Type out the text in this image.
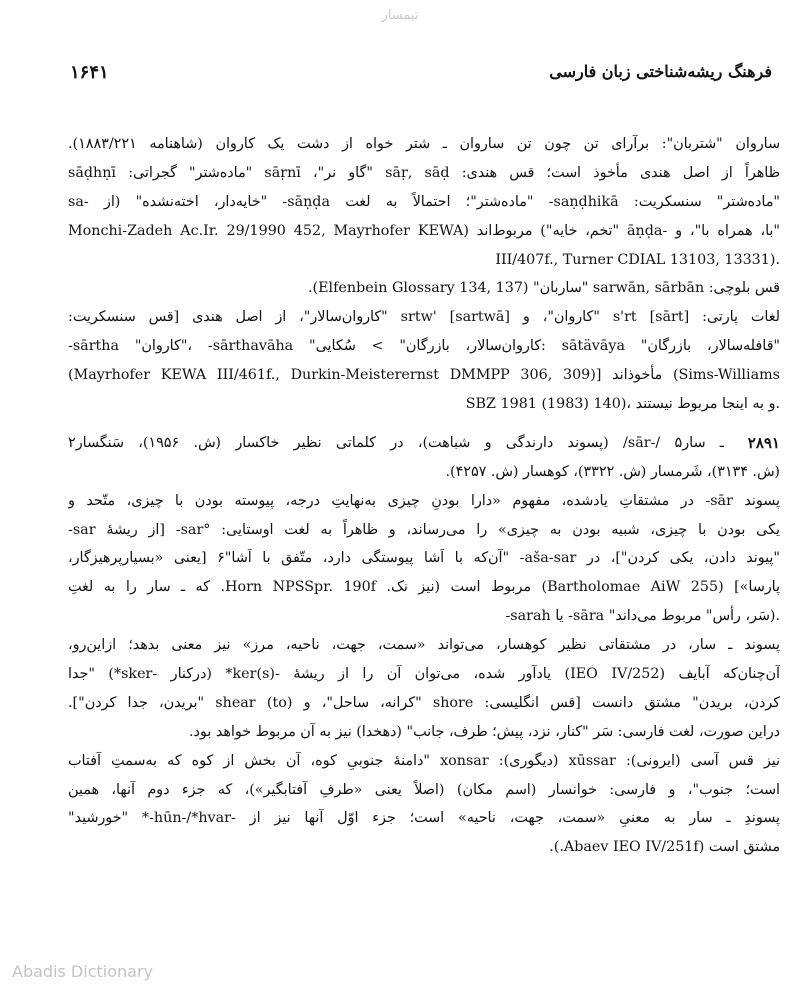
تیمسار
فرهنگ ریشه‌شناختی زبان فارسی
۱۶۴۱
ساروان "شتربان": برآرای تن چون تن ساروان ـ شتر خواه از دشت یک کاروان (شاهنامه ۱۸۸۳/۲۲۱).
ظاهراً از اصل هندی مأخوذ است؛ قس هندی: sāṛ, sāḍ "گاو نر"، sāṛnī "ماده‌شتر" گجراتی: sāḍhṇī
"ماده‌شتر" سنسکریت: saṇḍhikā- "ماده‌شتر"؛ احتمالاً به لغت sāṇḍa- "خایه‌دار، اخته‌نشده" (از -sa
"با، همراه با"، و -āṇḍa "تخم، خایه") مربوط‌اند (Monchi-Zadeh Ac.Ir. 29/1990 452, Mayrhofer KEWA
III/407f., Turner CDIAL 13103, 13331).
قس بلوچی: sarwān, sārbān "ساربان" (Elfenbein Glossary 134, 137).
لغات پارتی: s'rt [sārt] "کاروان"، و srtw' [sartwā] "کاروان‌سالار"، از اصل هندی [قس سنسکریت:
-sārtha "کاروان"، -sārthavāha "کاروان‌سالار، بازرگان" > سُکایی: sātävāya "قافله‌سالار، بازرگان"
(Mayrhofer KEWA III/461f., Durkin-Meisterernst DMMPP 306, 309)] مأخوذاند (Sims-Williams
SBZ 1981 (1983) 140)، و به اینجا مربوط نیستند.
۲۸۹۱
ـ سار۵ /-sār/ (پسوند دارندگی و شباهت)، در کلماتی نظیر خاکسار (ش. ۱۹۵۶)، سَنگسار۲
(ش. ۳۱۳۴)، شَرمسار (ش. ۳۳۲۲)، کوهسار (ش. ۴۲۵۷).
پسوند sār- در مشتقاتِ یادشده، مفهوم «دارا بودنِ چیزی به‌نهایتِ درجه، پیوسته بودن با چیزی، متّحد و
یکی بودن با چیزی، شبیه بودن به چیزی» را می‌رساند، و ظاهراً به لغت اوستایی: °sar- [از ریشهٔ sar-
"پیوند دادن، یکی کردن"]، در aša-sar- "آن‌که با اَشا پیوستگی دارد، متّفق با اَشا"۶ [یعنی «بسیارپرهیزگار،
پارسا»] (Bartholomae AiW 255) مربوط است (نیز نک. Horn NPSSpr. 190f. که ـ سار را به لغتِ
-sarah یا -sāra "سَر، رأس" مربوط می‌داند).
پسوند ـ سار، در مشتقاتی نظیر کوهسار، می‌تواند «سمت، جهت، ناحیه، مرز» نیز معنی بدهد؛ ازاین‌رو،
آن‌چنان‌که آبایف (IEO IV/252) یادآور شده، می‌توان آن را از ریشهٔ -(s)ker* (درکنار -sker*) "جدا
کردن، بریدن" مشتق دانست [قس انگلیسی: shore "کرانه، ساحل"، و (to) shear "بریدن، جدا کردن"].
دراین صورت، لغت فارسی: سَر "کنار، نزد، پیش؛ طرف، جانب" (دهخدا) نیز به آن مربوط خواهد بود.
نیز قس آسی (ایرونی): xūssar (دیگوری): xonsar "دامنهٔ جنوبیِ کوه، آن بخش از کوه که به‌سمتِ آفتاب
است؛ جنوب"، و فارسی: خوانسار (اسم مکان) (اصلاً یعنی «طرفِ آفتابگیر»)، که جزء دوم آنها، همین
پسوندِ ـ سار به معنیِ «سمت، جهت، ناحیه» است؛ جزء اوّل آنها نیز از -hūn-/*hvar-* "خورشید"
مشتق است (Abaev IEO IV/251f.).
Abadis Dictionary
